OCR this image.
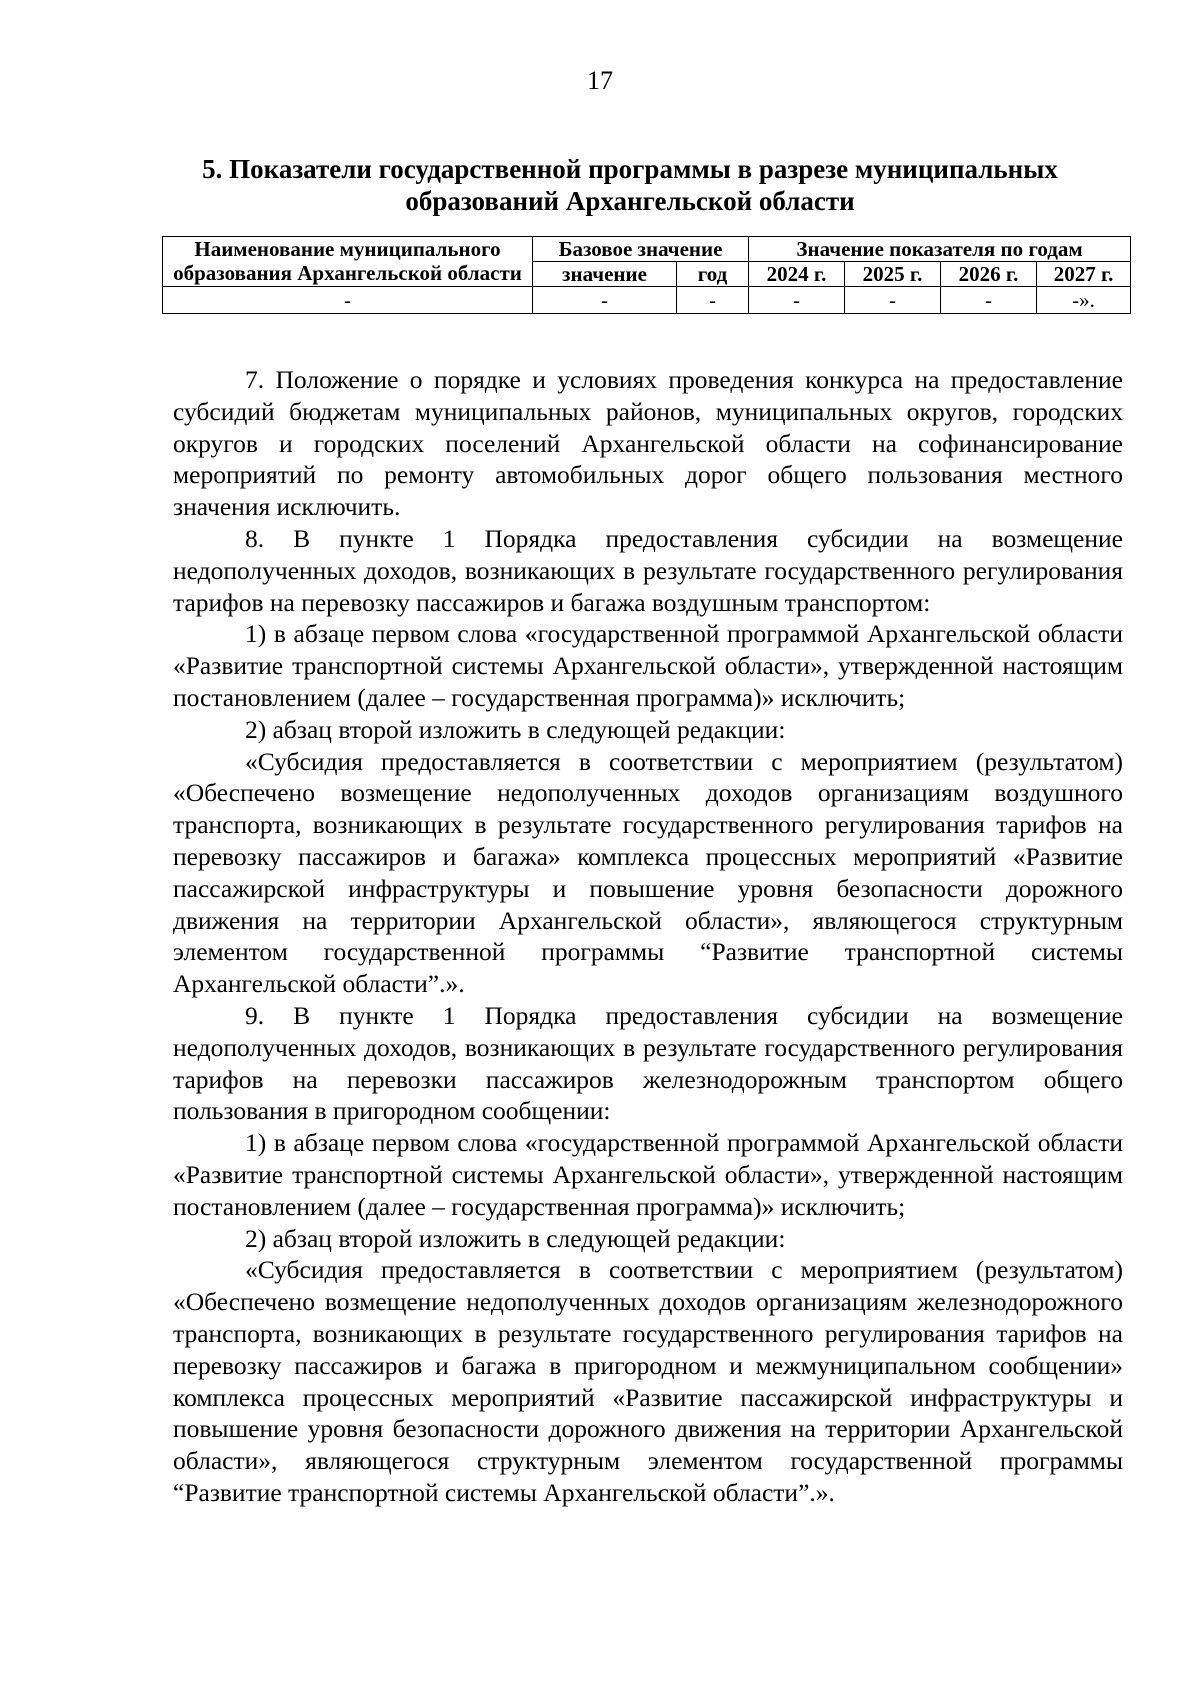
17
5. Показатели государственной программы в разрезе муниципальных
образований Архангельской области
Наименование муниципального образования Архангельской области	Базовое значение		Значение показателя по годам			
	значение	год	2024 г.	2025 г.	2026 г.	2027 г.
-	-	-	-	-	-	-».

7. Положение о порядке и условиях проведения конкурса на предоставление субсидий бюджетам муниципальных районов, муниципальных округов, городских округов и городских поселений Архангельской области на софинансирование мероприятий по ремонту автомобильных дорог общего пользования местного значения исключить.

8. В пункте 1 Порядка предоставления субсидии на возмещение недополученных доходов, возникающих в результате государственного регулирования тарифов на перевозку пассажиров и багажа воздушным транспортом:

1) в абзаце первом слова «государственной программой Архангельской области «Развитие транспортной системы Архангельской области», утвержденной настоящим постановлением (далее – государственная программа)» исключить;

2) абзац второй изложить в следующей редакции:

«Субсидия предоставляется в соответствии с мероприятием (результатом) «Обеспечено возмещение недополученных доходов организациям воздушного транспорта, возникающих в результате государственного регулирования тарифов на перевозку пассажиров и багажа» комплекса процессных мероприятий «Развитие пассажирской инфраструктуры и повышение уровня безопасности дорожного движения на территории Архангельской области», являющегося структурным элементом государственной программы “Развитие транспортной системы Архангельской области”.».

9. В пункте 1 Порядка предоставления субсидии на возмещение недополученных доходов, возникающих в результате государственного регулирования тарифов на перевозки пассажиров железнодорожным транспортом общего пользования в пригородном сообщении:

1) в абзаце первом слова «государственной программой Архангельской области «Развитие транспортной системы Архангельской области», утвержденной настоящим постановлением (далее – государственная программа)» исключить;

2) абзац второй изложить в следующей редакции:

«Субсидия предоставляется в соответствии с мероприятием (результатом) «Обеспечено возмещение недополученных доходов организациям железнодорожного транспорта, возникающих в результате государственного регулирования тарифов на перевозку пассажиров и багажа в пригородном и межмуниципальном сообщении» комплекса процессных мероприятий «Развитие пассажирской инфраструктуры и повышение уровня безопасности дорожного движения на территории Архангельской области», являющегося структурным элементом государственной программы “Развитие транспортной системы Архангельской области”.».
